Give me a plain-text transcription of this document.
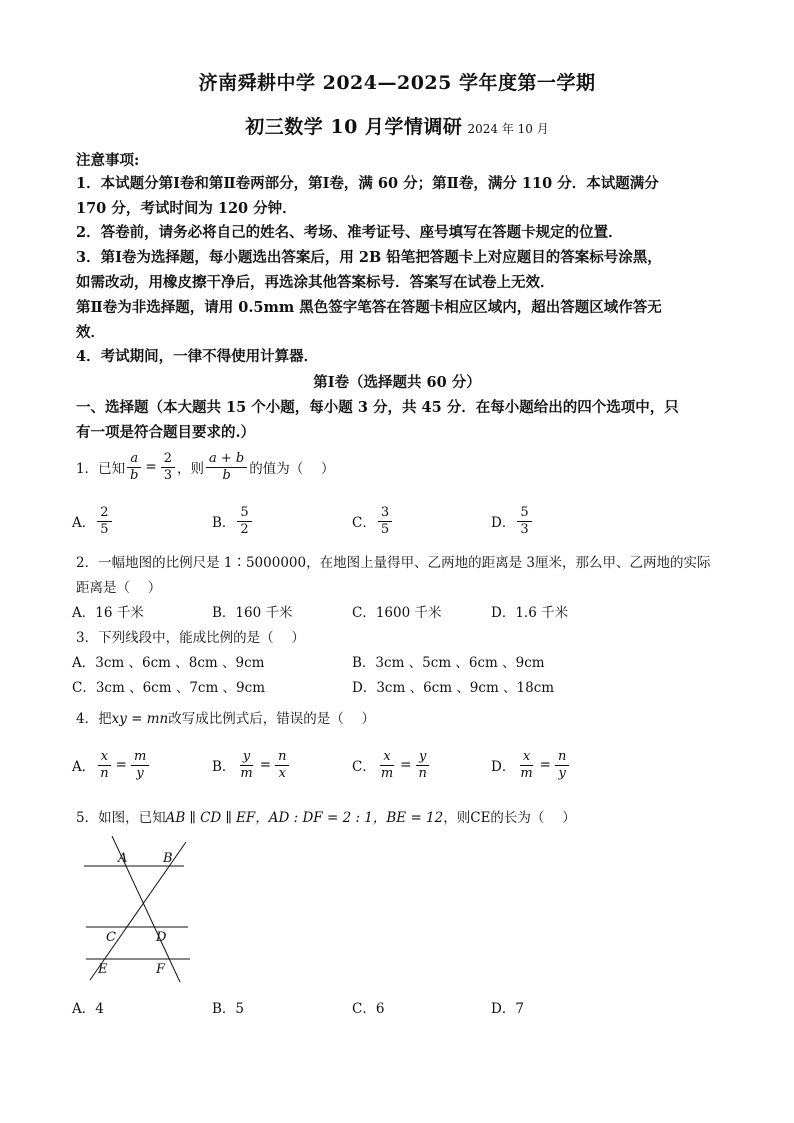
济南舜耕中学 2024—2025 学年度第一学期
初三数学 10 月学情调研 2024 年 10 月
注意事项:
1．本试题分第Ⅰ卷和第Ⅱ卷两部分，第Ⅰ卷，满 60 分；第Ⅱ卷，满分 110 分．本试题满分
170 分，考试时间为 120 分钟．
2．答卷前，请务必将自己的姓名、考场、准考证号、座号填写在答题卡规定的位置．
3．第Ⅰ卷为选择题，每小题选出答案后，用 2B 铅笔把答题卡上对应题目的答案标号涂黑，
如需改动，用橡皮擦干净后，再选涂其他答案标号．答案写在试卷上无效．
第Ⅱ卷为非选择题，请用 0.5mm 黑色签字笔答在答题卡相应区域内，超出答题区域作答无
效．
4．考试期间，一律不得使用计算器．
第Ⅰ卷（选择题共 60 分）
一、选择题（本大题共 15 个小题，每小题 3 分，共 45 分．在每小题给出的四个选项中，只
有一项是符合题目要求的.）
1．已知 $\frac{a}{b} = \frac{2}{3}$ ，则 $\frac{a + b}{b}$ 的值为（　 ）
A． $\frac{2}{5}$	B． $\frac{5}{2}$	C． $\frac{3}{5}$	D． $\frac{5}{3}$
2．一幅地图的比例尺是 1∶5000000，在地图上量得甲、乙两地的距离是 3厘米，那么甲、乙两地的实际
距离是（　 ）
A．16 千米	B．160 千米	C．1600 千米	D．1.6 千米
3．下列线段中，能成比例的是（　 ）
A．3cm 、6cm 、8cm 、9cm	B．3cm 、5cm 、6cm 、9cm
C．3cm 、6cm 、7cm 、9cm	D．3cm 、6cm 、9cm 、18cm
4．把xy = mn改写成比例式后，错误的是（　 ）
A． $\frac{x}{n} = \frac{m}{y}$	B． $\frac{y}{m} = \frac{n}{x}$	C． $\frac{x}{m} = \frac{y}{n}$	D． $\frac{x}{m} = \frac{n}{y}$
5．如图，已知AB ∥ CD ∥ EF，AD : DF = 2 : 1，BE = 12，则CE的长为（　 ）
A	B
C	D
E	F
A．4	B．5	C．6	D．7
